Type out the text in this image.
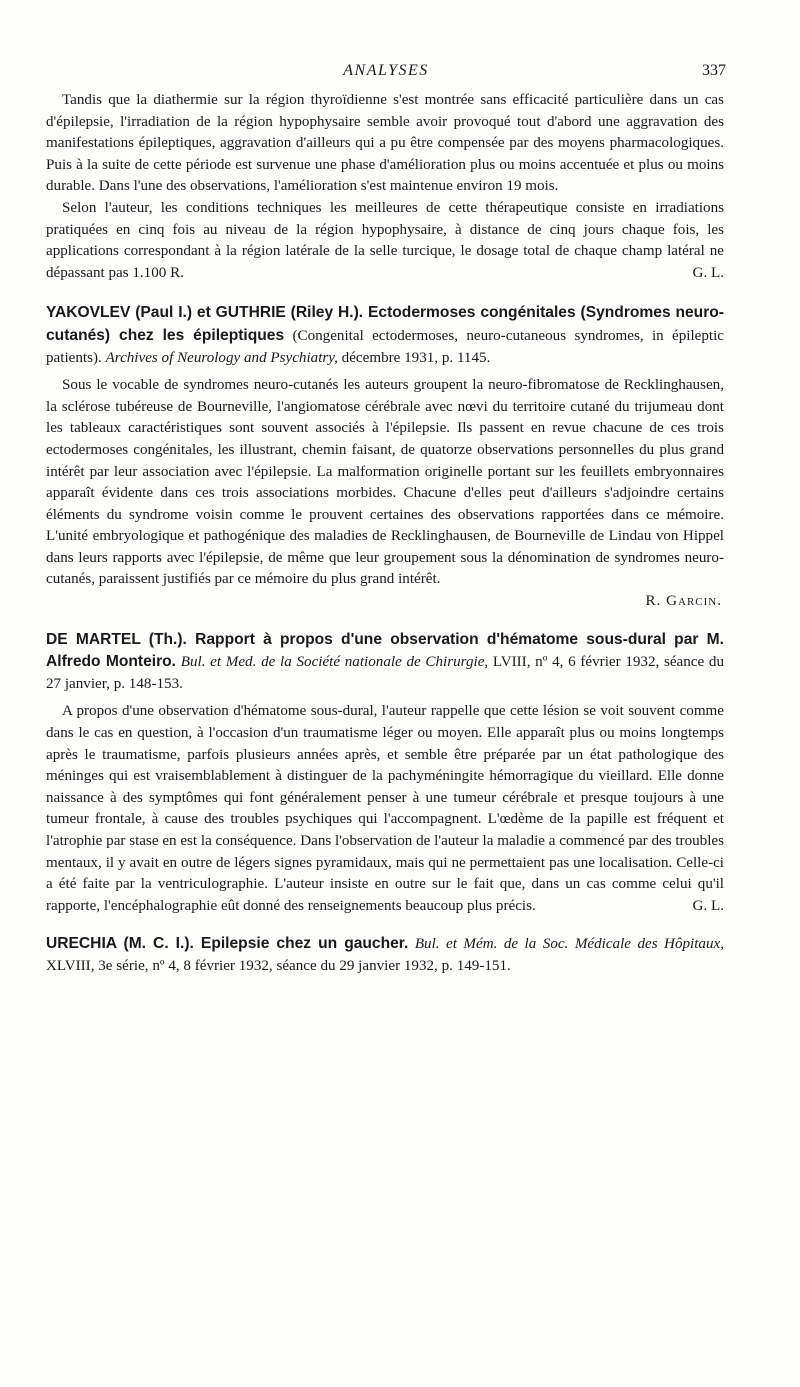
ANALYSES	337

Tandis que la diathermie sur la région thyroïdienne s'est montrée sans efficacité particulière dans un cas d'épilepsie, l'irradiation de la région hypophysaire semble avoir provoqué tout d'abord une aggravation des manifestations épileptiques, aggravation d'ailleurs qui a pu être compensée par des moyens pharmacologiques. Puis à la suite de cette période est survenue une phase d'amélioration plus ou moins accentuée et plus ou moins durable. Dans l'une des observations, l'amélioration s'est maintenue environ 19 mois.

Selon l'auteur, les conditions techniques les meilleures de cette thérapeutique consiste en irradiations pratiquées en cinq fois au niveau de la région hypophysaire, à distance de cinq jours chaque fois, les applications correspondant à la région latérale de la selle turcique, le dosage total de chaque champ latéral ne dépassant pas 1.100 R.	G. L.

YAKOVLEV (Paul I.) et GUTHRIE (Riley H.). Ectodermoses congénitales (Syndromes neuro-cutanés) chez les épileptiques (Congenital ectodermoses, neuro-cutaneous syndromes, in épileptic patients). Archives of Neurology and Psychiatry, décembre 1931, p. 1145.

Sous le vocable de syndromes neuro-cutanés les auteurs groupent la neuro-fibromatose de Recklinghausen, la sclérose tubéreuse de Bourneville, l'angiomatose cérébrale avec nœvi du territoire cutané du trijumeau dont les tableaux caractéristiques sont souvent associés à l'épilepsie. Ils passent en revue chacune de ces trois ectodermoses congénitales, les illustrant, chemin faisant, de quatorze observations personnelles du plus grand intérêt par leur association avec l'épilepsie. La malformation originelle portant sur les feuillets embryonnaires apparaît évidente dans ces trois associations morbides. Chacune d'elles peut d'ailleurs s'adjoindre certains éléments du syndrome voisin comme le prouvent certaines des observations rapportées dans ce mémoire. L'unité embryologique et pathogénique des maladies de Recklinghausen, de Bourneville de Lindau von Hippel dans leurs rapports avec l'épilepsie, de même que leur groupement sous la dénomination de syndromes neuro-cutanés, paraissent justifiés par ce mémoire du plus grand intérêt.

R. Garcin.

DE MARTEL (Th.). Rapport à propos d'une observation d'hématome sous-dural par M. Alfredo Monteiro. Bul. et Med. de la Société nationale de Chirurgie, LVIII, nº 4, 6 février 1932, séance du 27 janvier, p. 148-153.

A propos d'une observation d'hématome sous-dural, l'auteur rappelle que cette lésion se voit souvent comme dans le cas en question, à l'occasion d'un traumatisme léger ou moyen. Elle apparaît plus ou moins longtemps après le traumatisme, parfois plusieurs années après, et semble être préparée par un état pathologique des méninges qui est vraisemblablement à distinguer de la pachyméningite hémorragique du vieillard. Elle donne naissance à des symptômes qui font généralement penser à une tumeur cérébrale et presque toujours à une tumeur frontale, à cause des troubles psychiques qui l'accompagnent. L'œdème de la papille est fréquent et l'atrophie par stase en est la conséquence. Dans l'observation de l'auteur la maladie a commencé par des troubles mentaux, il y avait en outre de légers signes pyramidaux, mais qui ne permettaient pas une localisation. Celle-ci a été faite par la ventriculographie. L'auteur insiste en outre sur le fait que, dans un cas comme celui qu'il rapporte, l'encéphalographie eût donné des renseignements beaucoup plus précis.	G. L.

URECHIA (M. C. I.). Epilepsie chez un gaucher. Bul. et Mém. de la Soc. Médicale des Hôpitaux, XLVIII, 3e série, nº 4, 8 février 1932, séance du 29 janvier 1932, p. 149-151.
